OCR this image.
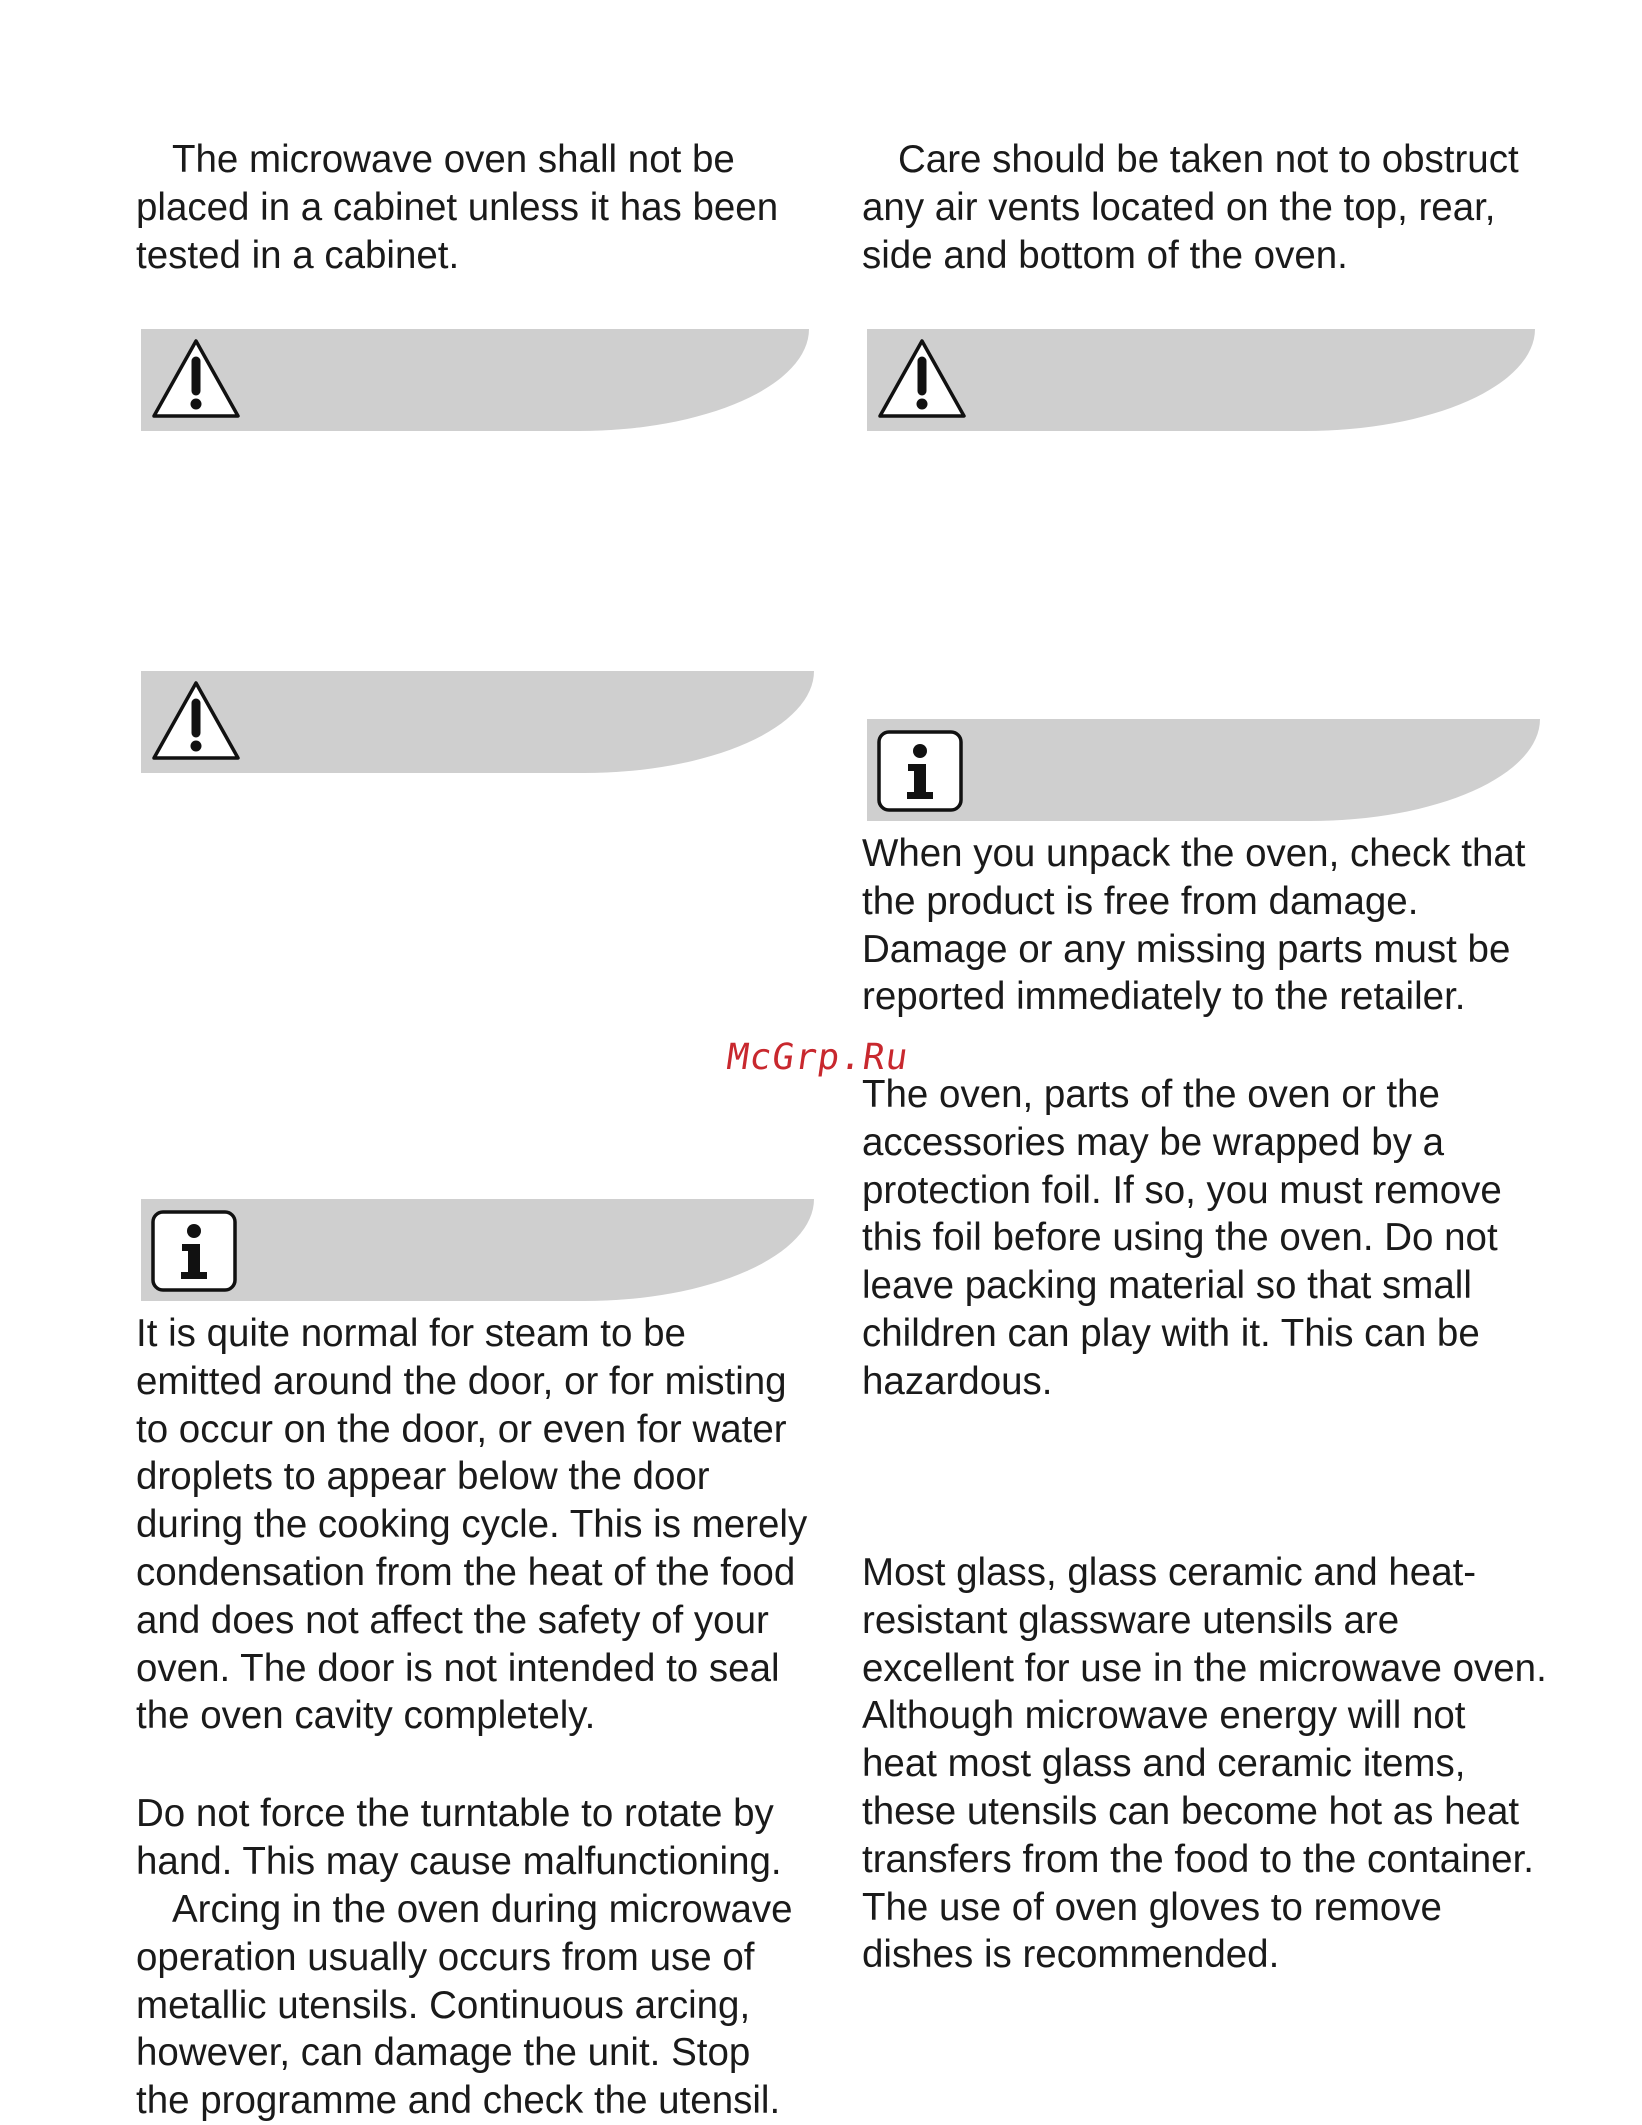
The microwave oven shall not be
placed in a cabinet unless it has been
tested in a cabinet.

It is quite normal for steam to be
emitted around the door, or for misting
to occur on the door, or even for water
droplets to appear below the door
during the cooking cycle. This is merely
condensation from the heat of the food
and does not affect the safety of your
oven. The door is not intended to seal
the oven cavity completely.

Do not force the turntable to rotate by
hand. This may cause malfunctioning.

Arcing in the oven during microwave
operation usually occurs from use of
metallic utensils. Continuous arcing,
however, can damage the unit. Stop
the programme and check the utensil.

Care should be taken not to obstruct
any air vents located on the top, rear,
side and bottom of the oven.

When you unpack the oven, check that
the product is free from damage.
Damage or any missing parts must be
reported immediately to the retailer.

McGrp.Ru

The oven, parts of the oven or the
accessories may be wrapped by a
protection foil. If so, you must remove
this foil before using the oven. Do not
leave packing material so that small
children can play with it. This can be
hazardous.

Most glass, glass ceramic and heat-
resistant glassware utensils are
excellent for use in the microwave oven.
Although microwave energy will not
heat most glass and ceramic items,
these utensils can become hot as heat
transfers from the food to the container.
The use of oven gloves to remove
dishes is recommended.
